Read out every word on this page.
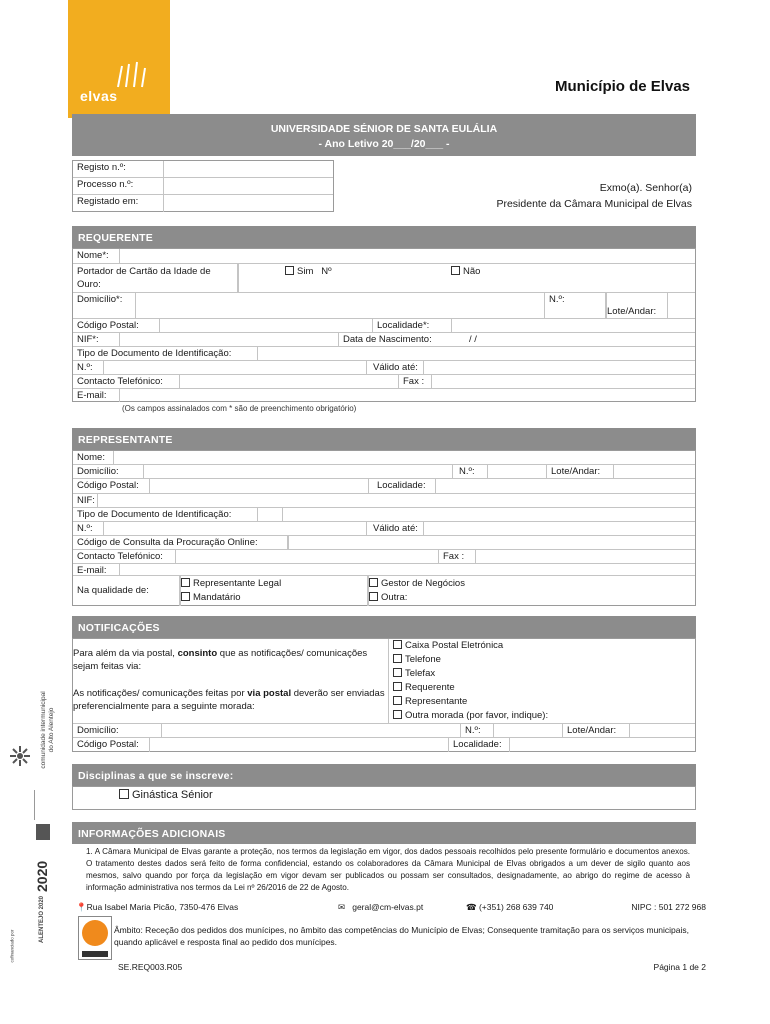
elvas
Município de Elvas
UNIVERSIDADE SÉNIOR DE SANTA EULÁLIA
- Ano Letivo 20___/20___ -
Registo n.º:
Processo n.º:
Registado em:
Exmo(a). Senhor(a)
Presidente da Câmara Municipal de Elvas
REQUERENTE
Nome*:
Portador de Cartão da Idade de Ouro:
Sim Nº	Não
Domicílio*:	N.º:
Lote/Andar:
Código Postal:	Localidade*:
NIF*:	Data de Nascimento:	/ /
Tipo de Documento de Identificação:
N.º:	Válido até:
Contacto Telefónico:	Fax :
E-mail:
(Os campos assinalados com * são de preenchimento obrigatório)
REPRESENTANTE
Nome:
Domicílio:	N.º:	Lote/Andar:
Código Postal:	Localidade:
NIF:
Tipo de Documento de Identificação:
N.º:	Válido até:
Código de Consulta da Procuração Online:
Contacto Telefónico:	Fax :
E-mail:
Na qualidade de:
Representante Legal
Mandatário
Gestor de Negócios
Outra:
NOTIFICAÇÕES
Para além da via postal, consinto que as notificações/ comunicações sejam feitas via:
As notificações/ comunicações feitas por via postal deverão ser enviadas preferencialmente para a seguinte morada:
Caixa Postal Eletrónica
Telefone
Telefax
Requerente
Representante
Outra morada (por favor, indique):
Domicílio:	N.º:	Lote/Andar:
Código Postal:	Localidade:
Disciplinas a que se inscreve:
Ginástica Sénior
INFORMAÇÕES ADICIONAIS
1. A Câmara Municipal de Elvas garante a proteção, nos termos da legislação em vigor, dos dados pessoais recolhidos pelo presente formulário e documentos anexos. O tratamento destes dados será feito de forma confidencial, estando os colaboradores da Câmara Municipal de Elvas obrigados a um dever de sigilo quanto aos mesmos, salvo quando por força da legislação em vigor devam ser publicados ou possam ser consultados, designadamente, ao abrigo do regime de acesso à informação administrativa nos termos da Lei nº 26/2016 de 22 de Agosto.
📍Rua Isabel Maria Picão, 7350-476 Elvas	✉ geral@cm-elvas.pt	☎ (+351) 268 639 740	NIPC : 501 272 968
Âmbito: Receção dos pedidos dos munícipes, no âmbito das competências do Município de Elvas; Consequente tramitação para os serviços municipais, quando aplicável e resposta final ao pedido dos munícipes.
SE.REQ003.R05	Página 1 de 2
comunidade intermunicipal do Alto Alentejo
2020
ALENTEJO 2020
cofinanciado por
